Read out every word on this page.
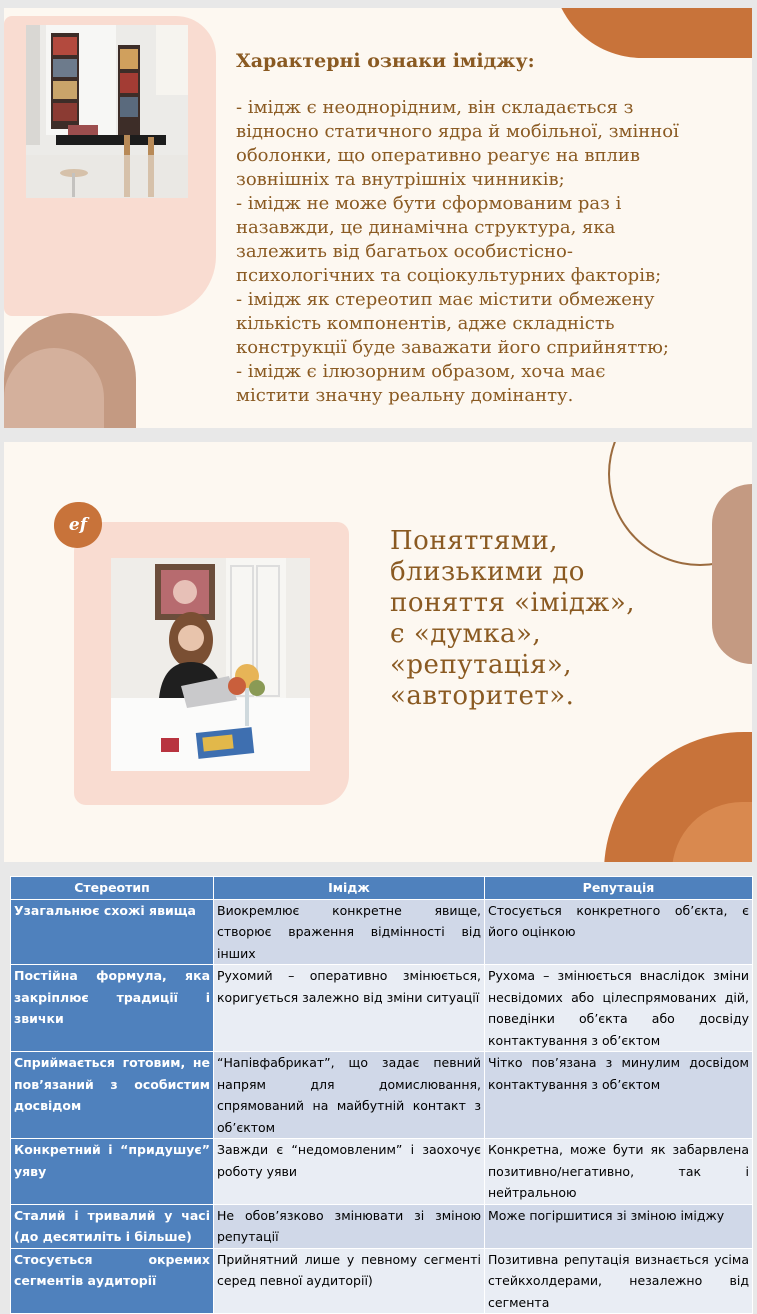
Характерні ознаки іміджу:
- імідж є неоднорідним, він складається з
відносно статичного ядра й мобільної, змінної
оболонки, що оперативно реагує на вплив
зовнішніх та внутрішніх чинників;
- імідж не може бути сформованим раз і
назавжди, це динамічна структура, яка
залежить від багатьох особистісно-
психологічних та соціокультурних факторів;
- імідж як стереотип має містити обмежену
кількість компонентів, адже складність
конструкції буде заважати його сприйняттю;
- імідж є ілюзорним образом, хоча має
містити значну реальну домінанту.
ef
Поняттями,
близькими до
поняття «імідж»,
є «думка»,
«репутація»,
«авторитет».
Стереотип	Імідж	Репутація
Узагальнює схожі явища	Виокремлює конкретне явище, створює враження відмінності від інших	Стосується конкретного об’єкта, є його оцінкою
Постійна формула, яка закріплює традиції і звички	Рухомий – оперативно змінюється, коригується залежно від зміни ситуації	Рухома – змінюється внаслідок зміни несвідомих або цілеспрямованих дій, поведінки об’єкта або досвіду контактування з об’єктом
Сприймається готовим, не пов’язаний з особистим досвідом	“Напівфабрикат”, що задає певний напрям для домислювання, спрямований на майбутній контакт з об’єктом	Чітко пов’язана з минулим досвідом контактування з об’єктом
Конкретний і “придушує” уяву	Завжди є “недомовленим” і заохочує роботу уяви	Конкретна, може бути як забарвлена позитивно/негативно, так і нейтральною
Сталий і тривалий у часі (до десятиліть і більше)	Не обов’язково змінювати зі зміною репутації	Може погіршитися зі зміною іміджу
Стосується окремих сегментів аудиторії	Прийнятний лише у певному сегменті серед певної аудиторії)	Позитивна репутація визнається усіма стейкхолдерами, незалежно від сегмента
